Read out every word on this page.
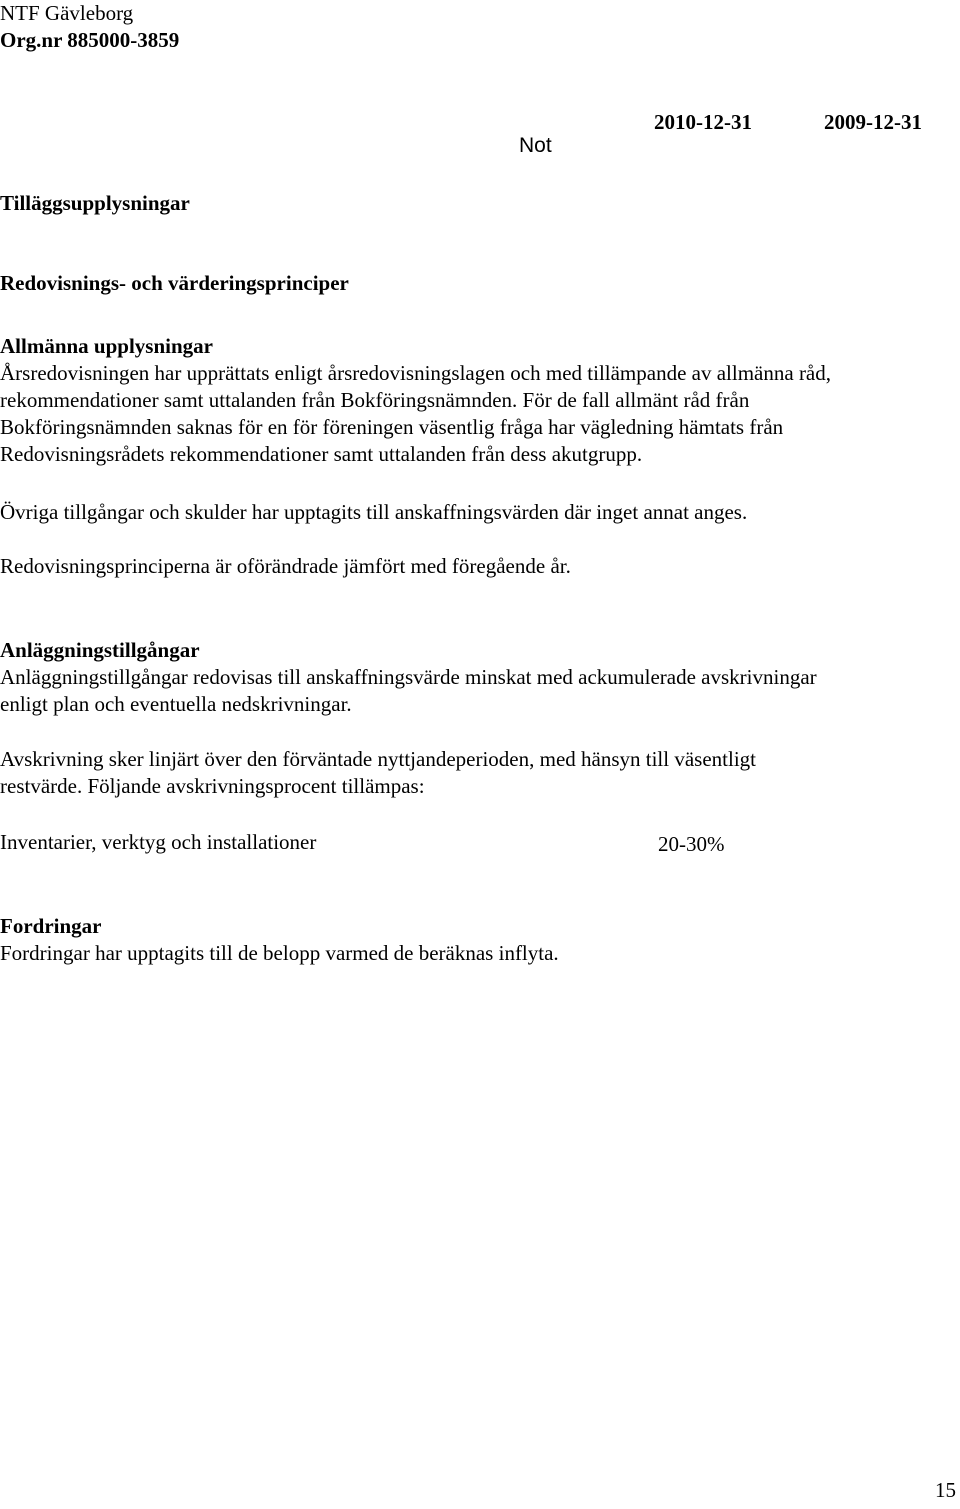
NTF Gävleborg
Org.nr 885000-3859
Not
2010-12-31	2009-12-31
Tilläggsupplysningar
Redovisnings- och värderingsprinciper
Allmänna upplysningar
Årsredovisningen har upprättats enligt årsredovisningslagen och med tillämpande av allmänna råd,
rekommendationer samt uttalanden från Bokföringsnämnden. För de fall allmänt råd från
Bokföringsnämnden saknas för en för föreningen väsentlig fråga har vägledning hämtats från
Redovisningsrådets rekommendationer samt uttalanden från dess akutgrupp.
Övriga tillgångar och skulder har upptagits till anskaffningsvärden där inget annat anges.
Redovisningsprinciperna är oförändrade jämfört med föregående år.
Anläggningstillgångar
Anläggningstillgångar redovisas till anskaffningsvärde minskat med ackumulerade avskrivningar
enligt plan och eventuella nedskrivningar.
Avskrivning sker linjärt över den förväntade nyttjandeperioden, med hänsyn till väsentligt
restvärde. Följande avskrivningsprocent tillämpas:
Inventarier, verktyg och installationer	20-30%
Fordringar
Fordringar har upptagits till de belopp varmed de beräknas inflyta.
15
